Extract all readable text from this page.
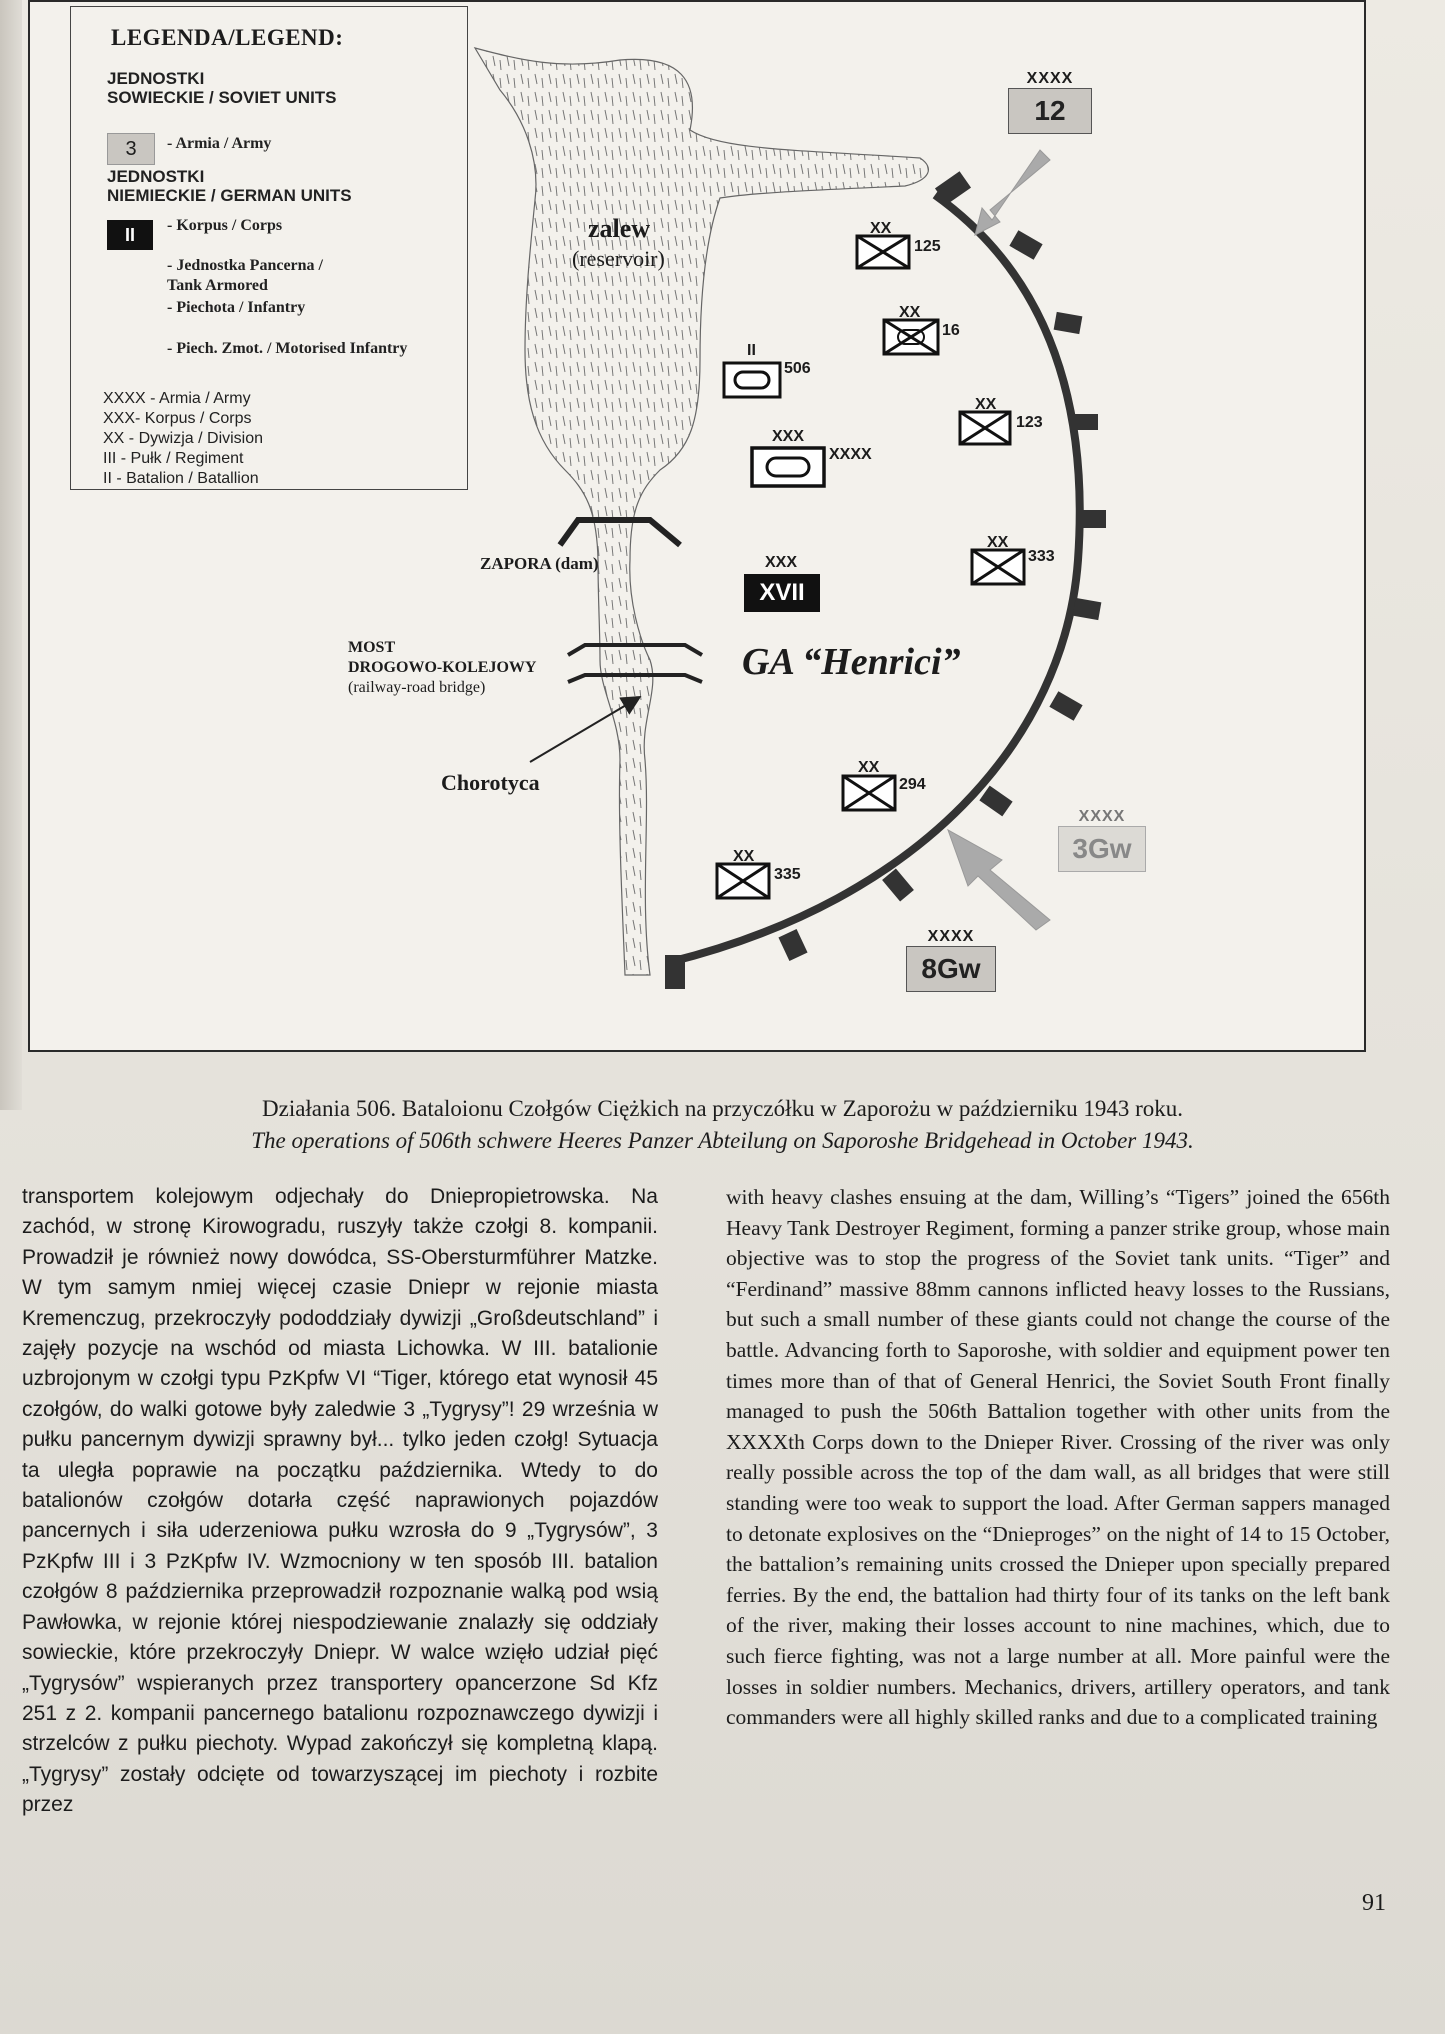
LEGENDA/LEGEND:
JEDNOSTKI
SOWIECKIE / SOVIET UNITS
3	- Armia / Army
JEDNOSTKI
NIEMIECKIE / GERMAN UNITS
II	- Korpus / Corps
- Jednostka Pancerna /
Tank Armored
- Piechota / Infantry
- Piech. Zmot. / Motorised Infantry
XXXX - Armia / Army
XXX- Korpus / Corps
XX - Dywizja / Division
III - Pułk / Regiment
II - Batalion / Batallion
zalew
(reservoir)
ZAPORA (dam)
MOST
DROGOWO-KOLEJOWY
(railway-road bridge)
Chorotyca
GA “Henrici”
XXX
XVII
XXX
XXXX
II
506
XX
125
XX
16
XX
123
XX
333
XX
294
XX
335
XXXX
12
XXXX
3Gw
XXXX
8Gw
Działania 506. Bataloionu Czołgów Ciężkich na przyczółku w Zaporożu w październiku 1943 roku.
The operations of 506th schwere Heeres Panzer Abteilung on Saporoshe Bridgehead in October 1943.

transportem kolejowym odjechały do Dniepropietrowska. Na zachód, w stronę Kirowogradu, ruszyły także czołgi 8. kompanii. Prowadził je również nowy dowódca, SS-Obersturmführer Matzke. W tym samym nmiej więcej czasie Dniepr w rejonie miasta Kremenczug, przekroczyły pododdziały dywizji „Großdeutschland” i zajęły pozycje na wschód od miasta Lichowka. W III. batalionie uzbrojonym w czołgi typu PzKpfw VI “Tiger, którego etat wynosił 45 czołgów, do walki gotowe były zaledwie 3 „Tygrysy”! 29 września w pułku pancernym dywizji sprawny był... tylko jeden czołg! Sytuacja ta uległa poprawie na początku października. Wtedy to do batalionów czołgów dotarła część naprawionych pojazdów pancernych i siła uderzeniowa pułku wzrosła do 9 „Tygrysów”, 3 PzKpfw III i 3 PzKpfw IV. Wzmocniony w ten sposób III. batalion czołgów 8 października przeprowadził rozpoznanie walką pod wsią Pawłowka, w rejonie której niespodziewanie znalazły się oddziały sowieckie, które przekroczyły Dniepr. W walce wzięło udział pięć „Tygrysów” wspieranych przez transportery opancerzone Sd Kfz 251 z 2. kompanii pancernego batalionu rozpoznawczego dywizji i strzelców z pułku piechoty. Wypad zakończył się kompletną klapą. „Tygrysy” zostały odcięte od towarzyszącej im piechoty i rozbite przez

with heavy clashes ensuing at the dam, Willing’s “Tigers” joined the 656th Heavy Tank Destroyer Regiment, forming a panzer strike group, whose main objective was to stop the progress of the Soviet tank units. “Tiger” and “Ferdinand” massive 88mm cannons inflicted heavy losses to the Russians, but such a small number of these giants could not change the course of the battle. Advancing forth to Saporoshe, with soldier and equipment power ten times more than of that of General Henrici, the Soviet South Front finally managed to push the 506th Battalion together with other units from the XXXXth Corps down to the Dnieper River. Crossing of the river was only really possible across the top of the dam wall, as all bridges that were still standing were too weak to support the load. After German sappers managed to detonate explosives on the “Dnieproges” on the night of 14 to 15 October, the battalion’s remaining units crossed the Dnieper upon specially prepared ferries. By the end, the battalion had thirty four of its tanks on the left bank of the river, making their losses account to nine machines, which, due to such fierce fighting, was not a large number at all. More painful were the losses in soldier numbers. Mechanics, drivers, artillery operators, and tank commanders were all highly skilled ranks and due to a complicated training

91
